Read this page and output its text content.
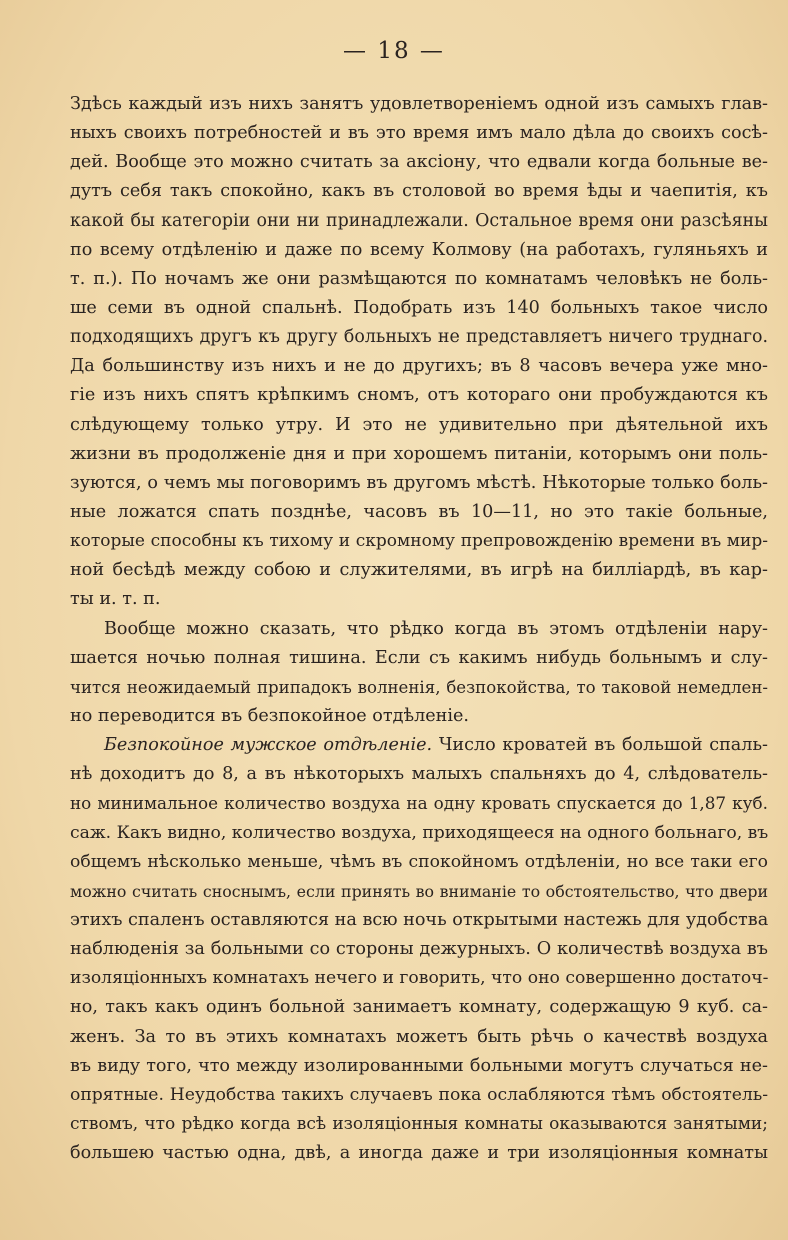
— 18 —
Здѣсь каждый изъ нихъ занятъ удовлетвореніемъ одной изъ самыхъ глав-
ныхъ своихъ потребностей и въ это время имъ мало дѣла до своихъ сосѣ-
дей. Вообще это можно считать за аксіону, что едвали когда больные ве-
дутъ себя такъ спокойно, какъ въ столовой во время ѣды и чаепитія, къ
какой бы категоріи они ни принадлежали. Остальное время они разсѣяны
по всему отдѣленію и даже по всему Колмову (на работахъ, гуляньяхъ и
т. п.). По ночамъ же они размѣщаются по комнатамъ человѣкъ не боль-
ше семи въ одной спальнѣ. Подобрать изъ 140 больныхъ такое число
подходящихъ другъ къ другу больныхъ не представляетъ ничего труднаго.
Да большинству изъ нихъ и не до другихъ; въ 8 часовъ вечера уже мно-
гіе изъ нихъ спятъ крѣпкимъ сномъ, отъ котораго они пробуждаются къ
слѣдующему только утру. И это не удивительно при дѣятельной ихъ
жизни въ продолженіе дня и при хорошемъ питаніи, которымъ они поль-
зуются, о чемъ мы поговоримъ въ другомъ мѣстѣ. Нѣкоторые только боль-
ные ложатся спать позднѣе, часовъ въ 10—11, но это такіе больные,
которые способны къ тихому и скромному препровожденію времени въ мир-
ной бесѣдѣ между собою и служителями, въ игрѣ на билліардѣ, въ кар-
ты и. т. п.
Вообще можно сказать, что рѣдко когда въ этомъ отдѣленіи нару-
шается ночью полная тишина. Если съ какимъ нибудь больнымъ и слу-
чится неожидаемый припадокъ волненія, безпокойства, то таковой немедлен-
но переводится въ безпокойное отдѣленіе.
Безпокойное мужское отдѣленіе. Число кроватей въ большой спаль-
нѣ доходитъ до 8, а въ нѣкоторыхъ малыхъ спальняхъ до 4, слѣдователь-
но минимальное количество воздуха на одну кровать спускается до 1,87 куб.
саж. Какъ видно, количество воздуха, приходящееся на одного больнаго, въ
общемъ нѣсколько меньше, чѣмъ въ спокойномъ отдѣленіи, но все таки его
можно считать сноснымъ, если принять во вниманіе то обстоятельство, что двери
этихъ спаленъ оставляются на всю ночь открытыми настежь для удобства
наблюденія за больными со стороны дежурныхъ. О количествѣ воздуха въ
изоляціонныхъ комнатахъ нечего и говорить, что оно совершенно достаточ-
но, такъ какъ одинъ больной занимаетъ комнату, содержащую 9 куб. са-
женъ. За то въ этихъ комнатахъ можетъ быть рѣчь о качествѣ воздуха
въ виду того, что между изолированными больными могутъ случаться не-
опрятные. Неудобства такихъ случаевъ пока ослабляются тѣмъ обстоятель-
ствомъ, что рѣдко когда всѣ изоляціонныя комнаты оказываются занятыми;
большею частью одна, двѣ, а иногда даже и три изоляціонныя комнаты
